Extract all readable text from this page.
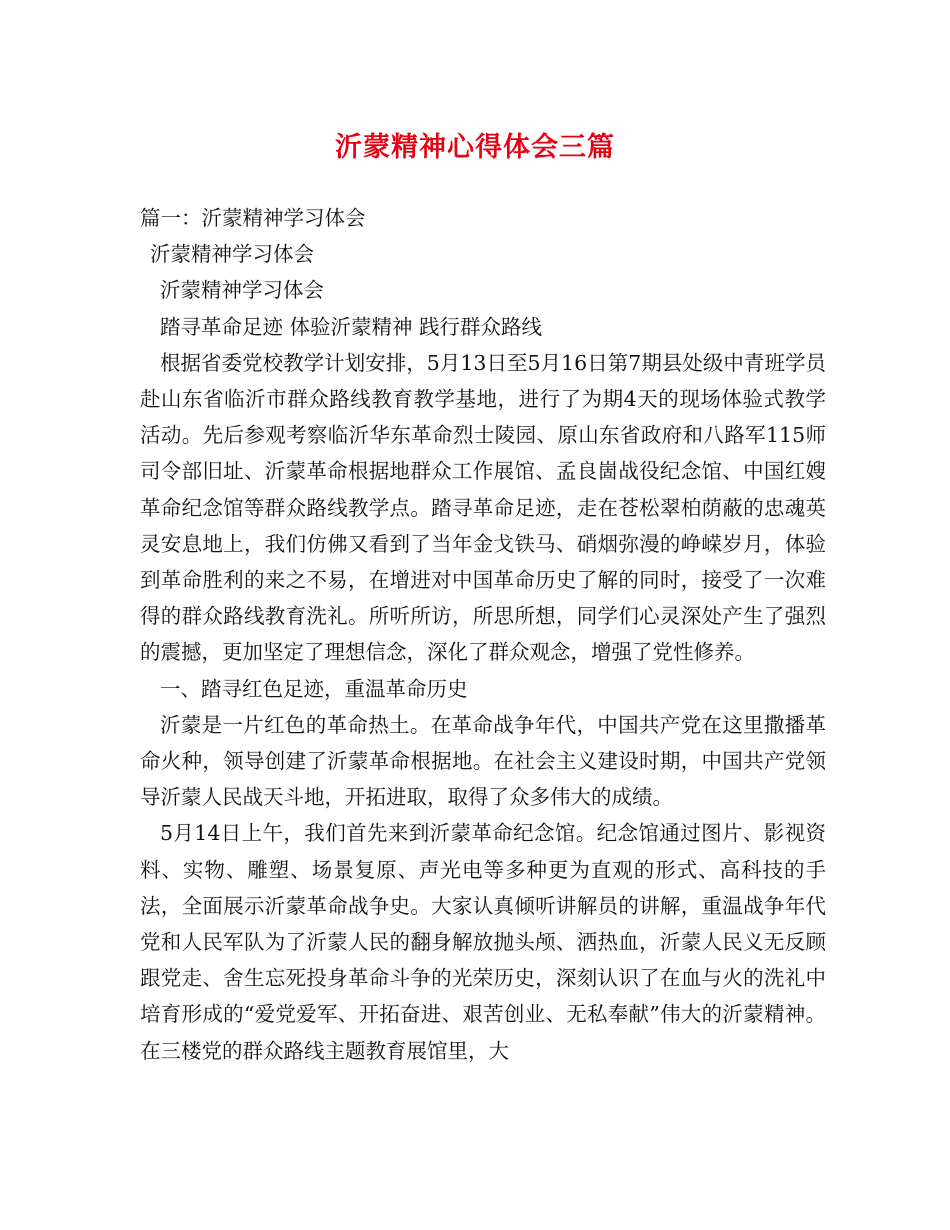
沂蒙精神心得体会三篇

篇一：沂蒙精神学习体会

沂蒙精神学习体会

沂蒙精神学习体会

踏寻革命足迹 体验沂蒙精神 践行群众路线

根据省委党校教学计划安排，5月13日至5月16日第7期县处级中青班学员赴山东省临沂市群众路线教育教学基地，进行了为期4天的现场体验式教学活动。先后参观考察临沂华东革命烈士陵园、原山东省政府和八路军115师司令部旧址、沂蒙革命根据地群众工作展馆、孟良崮战役纪念馆、中国红嫂革命纪念馆等群众路线教学点。踏寻革命足迹，走在苍松翠柏荫蔽的忠魂英灵安息地上，我们仿佛又看到了当年金戈铁马、硝烟弥漫的峥嵘岁月，体验到革命胜利的来之不易，在增进对中国革命历史了解的同时，接受了一次难得的群众路线教育洗礼。所听所访，所思所想，同学们心灵深处产生了强烈的震撼，更加坚定了理想信念，深化了群众观念，增强了党性修养。

一、踏寻红色足迹，重温革命历史

沂蒙是一片红色的革命热土。在革命战争年代，中国共产党在这里撒播革命火种，领导创建了沂蒙革命根据地。在社会主义建设时期，中国共产党领导沂蒙人民战天斗地，开拓进取，取得了众多伟大的成绩。

5月14日上午，我们首先来到沂蒙革命纪念馆。纪念馆通过图片、影视资料、实物、雕塑、场景复原、声光电等多种更为直观的形式、高科技的手法，全面展示沂蒙革命战争史。大家认真倾听讲解员的讲解，重温战争年代党和人民军队为了沂蒙人民的翻身解放抛头颅、洒热血，沂蒙人民义无反顾跟党走、舍生忘死投身革命斗争的光荣历史，深刻认识了在血与火的洗礼中培育形成的“爱党爱军、开拓奋进、艰苦创业、无私奉献”伟大的沂蒙精神。在三楼党的群众路线主题教育展馆里，大
